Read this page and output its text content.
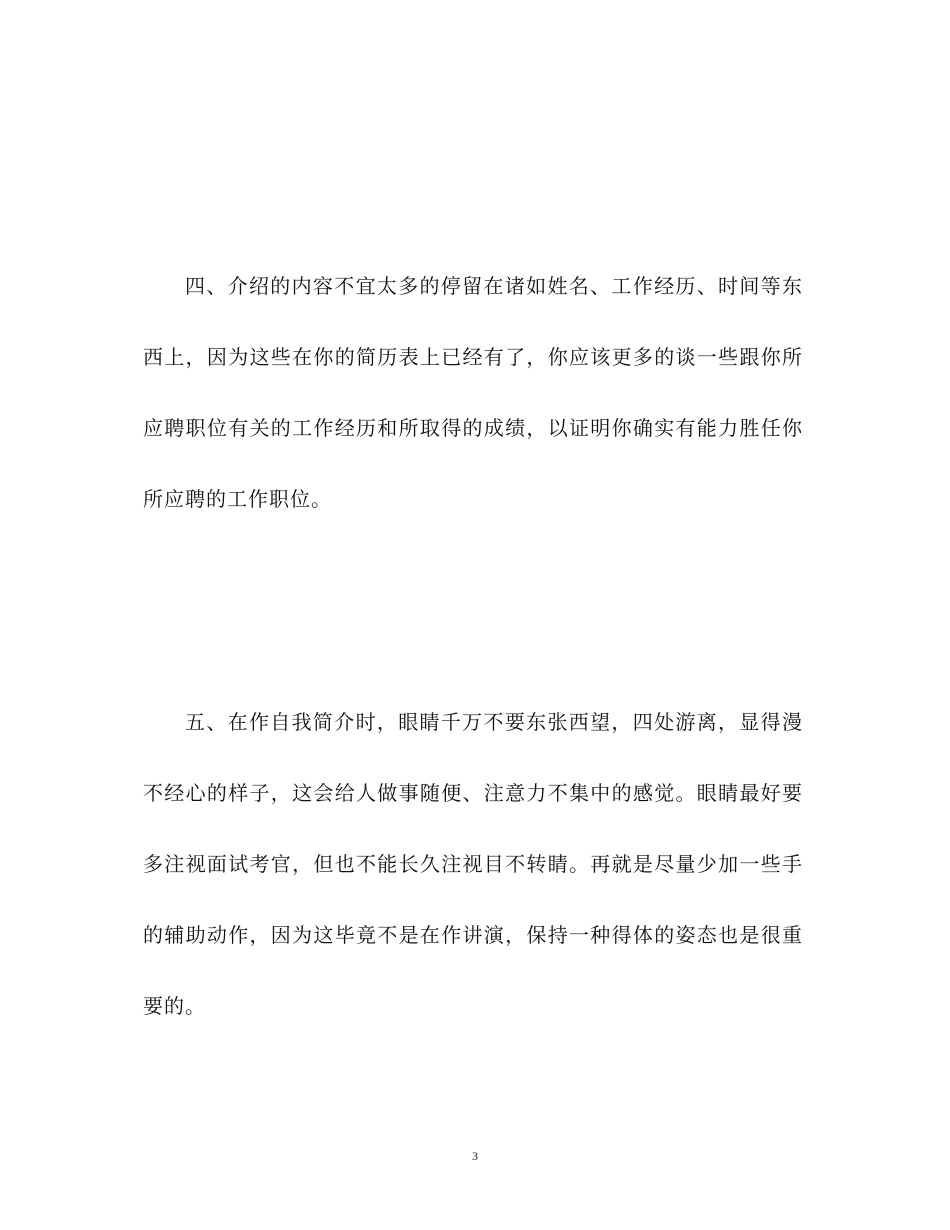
四、介绍的内容不宜太多的停留在诸如姓名、工作经历、时间等东西上，因为这些在你的简历表上已经有了，你应该更多的谈一些跟你所应聘职位有关的工作经历和所取得的成绩，以证明你确实有能力胜任你所应聘的工作职位。

五、在作自我简介时，眼睛千万不要东张西望，四处游离，显得漫不经心的样子，这会给人做事随便、注意力不集中的感觉。眼睛最好要多注视面试考官，但也不能长久注视目不转睛。再就是尽量少加一些手的辅助动作，因为这毕竟不是在作讲演，保持一种得体的姿态也是很重要的。

3
